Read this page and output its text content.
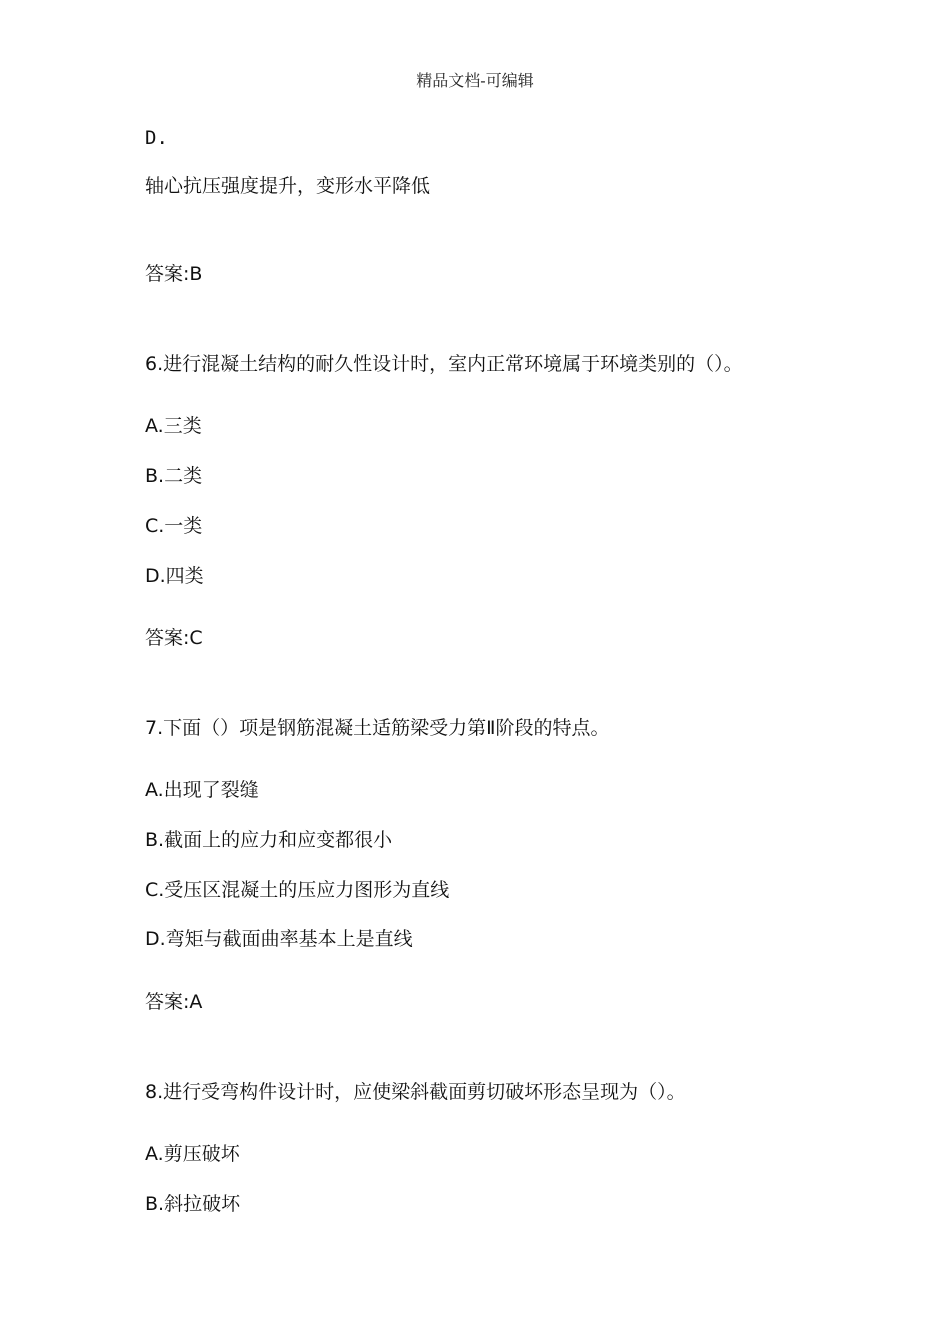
精品文档-可编辑
D.
轴心抗压强度提升，变形水平降低
答案:B
6.进行混凝土结构的耐久性设计时，室内正常环境属于环境类别的（）。
A.三类
B.二类
C.一类
D.四类
答案:C
7.下面（）项是钢筋混凝土适筋梁受力第Ⅱ阶段的特点。
A.出现了裂缝
B.截面上的应力和应变都很小
C.受压区混凝土的压应力图形为直线
D.弯矩与截面曲率基本上是直线
答案:A
8.进行受弯构件设计时，应使梁斜截面剪切破坏形态呈现为（）。
A.剪压破坏
B.斜拉破坏
